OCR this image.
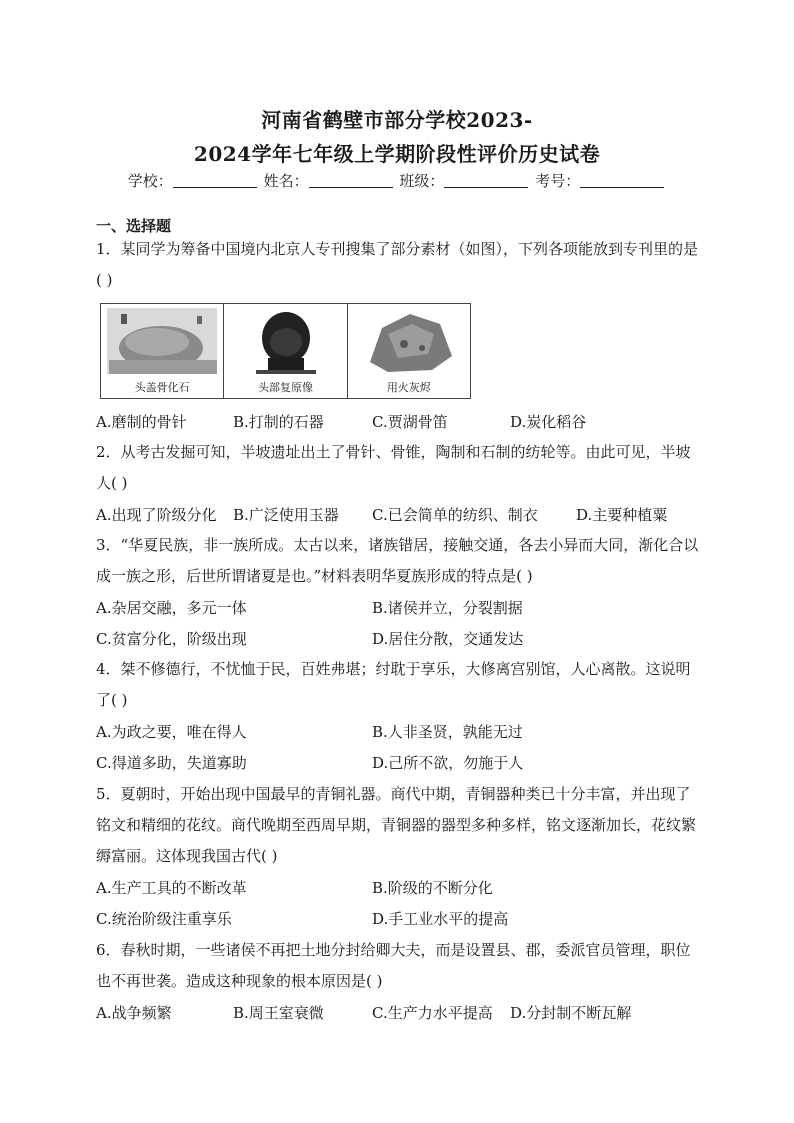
河南省鹤壁市部分学校2023-
2024学年七年级上学期阶段性评价历史试卷
学校：	姓名：	班级：	考号：
一、选择题
1．某同学为筹备中国境内北京人专刊搜集了部分素材（如图），下列各项能放到专刊里的是( )
头盖骨化石	头部复原像	用火灰烬
A.磨制的骨针	B.打制的石器	C.贾湖骨笛	D.炭化稻谷
2．从考古发掘可知，半坡遗址出土了骨针、骨锥，陶制和石制的纺轮等。由此可见，半坡人( )
A.出现了阶级分化 B.广泛使用玉器 C.已会简单的纺织、制衣	D.主要种植粟
3．“华夏民族，非一族所成。太古以来，诸族错居，接触交通，各去小异而大同，渐化合以成一族之形，后世所谓诸夏是也。”材料表明华夏族形成的特点是( )
A.杂居交融，多元一体	B.诸侯并立，分裂割据
C.贫富分化，阶级出现	D.居住分散，交通发达
4．桀不修德行，不忧恤于民，百姓弗堪；纣耽于享乐，大修离宫别馆，人心离散。这说明了( )
A.为政之要，唯在得人	B.人非圣贤，孰能无过
C.得道多助，失道寡助	D.己所不欲，勿施于人
5．夏朝时，开始出现中国最早的青铜礼器。商代中期，青铜器种类已十分丰富，并出现了铭文和精细的花纹。商代晚期至西周早期，青铜器的器型多种多样，铭文逐渐加长，花纹繁缛富丽。这体现我国古代( )
A.生产工具的不断改革	B.阶级的不断分化
C.统治阶级注重享乐	D.手工业水平的提高
6．春秋时期，一些诸侯不再把土地分封给卿大夫，而是设置县、郡，委派官员管理，职位也不再世袭。造成这种现象的根本原因是( )
A.战争频繁	B.周王室衰微	C.生产力水平提高 D.分封制不断瓦解
